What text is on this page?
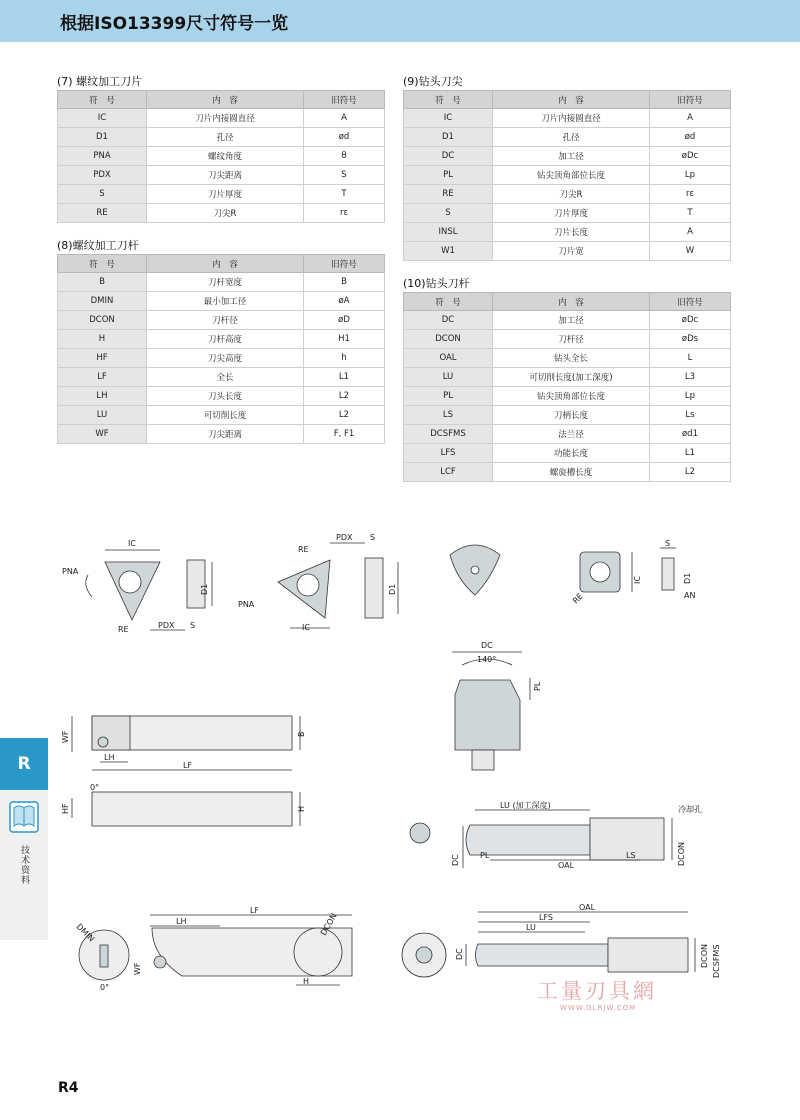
根据ISO13399尺寸符号一览
(7) 螺纹加工刀片
符　号	内　容	旧符号
IC	刀片内接圆直径	A
D1	孔径	ød
PNA	螺纹角度	θ
PDX	刀尖距离	S
S	刀片厚度	T
RE	刀尖R	rε
(8)螺纹加工刀杆
符　号	内　容	旧符号
B	刀杆宽度	B
DMIN	最小加工径	øA
DCON	刀杆径	øD
H	刀杆高度	H1
HF	刀尖高度	h
LF	全长	L1
LH	刀头长度	L2
LU	可切削长度	L2
WF	刀尖距离	F, F1
(9)钻头刀尖
符　号	内　容	旧符号
IC	刀片内接圆直径	A
D1	孔径	ød
DC	加工径	øDc
PL	钻尖顶角部位长度	Lp
RE	刀尖R	rε
S	刀片厚度	T
INSL	刀片长度	A
W1	刀片宽	W
(10)钻头刀杆
符　号	内　容	旧符号
DC	加工径	øDc
DCON	刀杆径	øDs
OAL	钻头全长	L
LU	可切削长度(加工深度)	L3
PL	钻尖顶角部位长度	Lp
LS	刀柄长度	Ls
DCSFMS	法兰径	ød1
LFS	功能长度	L1
LCF	螺旋槽长度	L2
PNA
IC
RE	PDX S
D1
PNA
RE
PDX S
IC
D1
S
IC	D1
RE	AN
DC
140°
PL
WF	B
LH
LF
0°
HF	H	LU (加工深度)	冷却孔
PL
OAL
LS
DC	DCON
DMIN
LH
LF
DCON
WF
0°
H
OAL
LFS
LU
DC	DCON DCSFMS
R
技术资料
工量刃具網
WWW.GLRJW.COM
R4
